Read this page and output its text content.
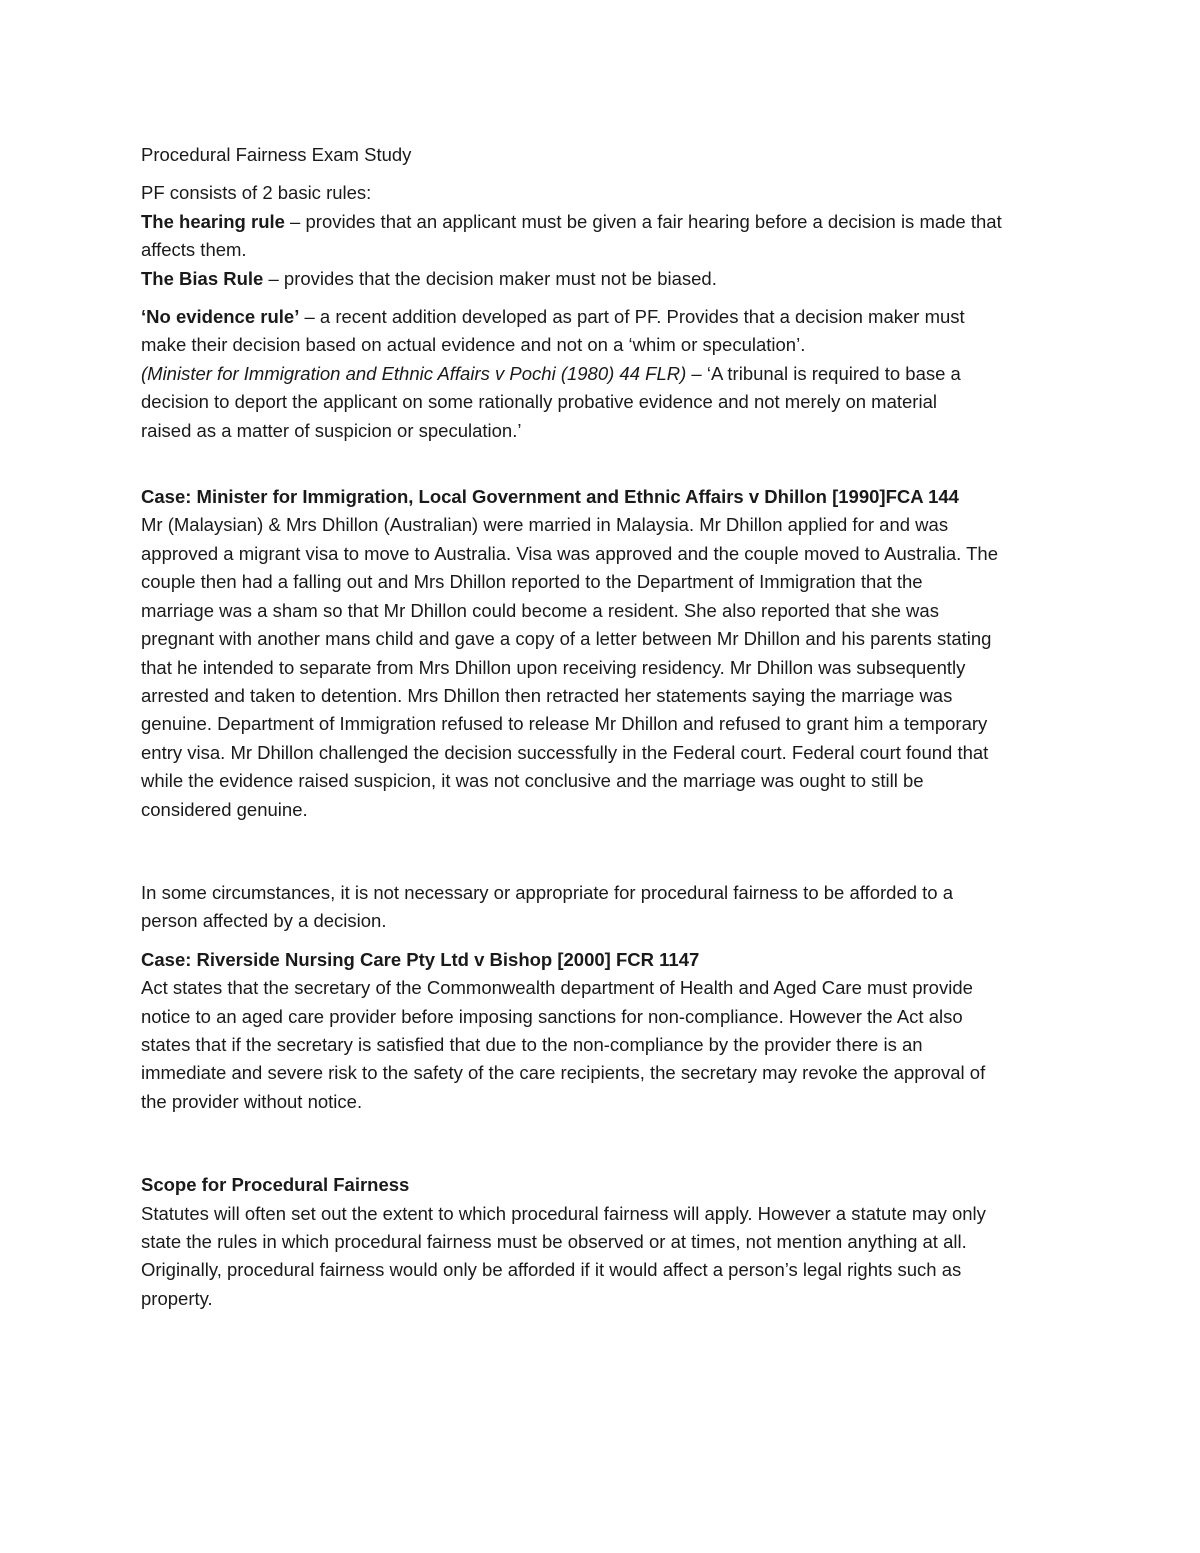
Procedural Fairness Exam Study

PF consists of 2 basic rules:

The hearing rule – provides that an applicant must be given a fair hearing before a decision is made that

affects them.

The Bias Rule – provides that the decision maker must not be biased.

‘No evidence rule’ – a recent addition developed as part of PF. Provides that a decision maker must

make their decision based on actual evidence and not on a ‘whim or speculation’.

(Minister for Immigration and Ethnic Affairs v Pochi (1980) 44 FLR) – ‘A tribunal is required to base a

decision to deport the applicant on some rationally probative evidence and not merely on material

raised as a matter of suspicion or speculation.’

Case: Minister for Immigration, Local Government and Ethnic Affairs v Dhillon [1990]FCA 144

Mr (Malaysian) & Mrs Dhillon (Australian) were married in Malaysia. Mr Dhillon applied for and was

approved a migrant visa to move to Australia. Visa was approved and the couple moved to Australia. The

couple then had a falling out and Mrs Dhillon reported to the Department of Immigration that the

marriage was a sham so that Mr Dhillon could become a resident. She also reported that she was

pregnant with another mans child and gave a copy of a letter between Mr Dhillon and his parents stating

that he intended to separate from Mrs Dhillon upon receiving residency. Mr Dhillon was subsequently

arrested and taken to detention. Mrs Dhillon then retracted her statements saying the marriage was

genuine. Department of Immigration refused to release Mr Dhillon and refused to grant him a temporary

entry visa. Mr Dhillon challenged the decision successfully in the Federal court. Federal court found that

while the evidence raised suspicion, it was not conclusive and the marriage was ought to still be

considered genuine.

In some circumstances, it is not necessary or appropriate for procedural fairness to be afforded to a

person affected by a decision.

Case: Riverside Nursing Care Pty Ltd v Bishop [2000] FCR 1147

Act states that the secretary of the Commonwealth department of Health and Aged Care must provide

notice to an aged care provider before imposing sanctions for non-compliance. However the Act also

states that if the secretary is satisfied that due to the non-compliance by the provider there is an

immediate and severe risk to the safety of the care recipients, the secretary may revoke the approval of

the provider without notice.

Scope for Procedural Fairness

Statutes will often set out the extent to which procedural fairness will apply. However a statute may only

state the rules in which procedural fairness must be observed or at times, not mention anything at all.

Originally, procedural fairness would only be afforded if it would affect a person’s legal rights such as

property.
